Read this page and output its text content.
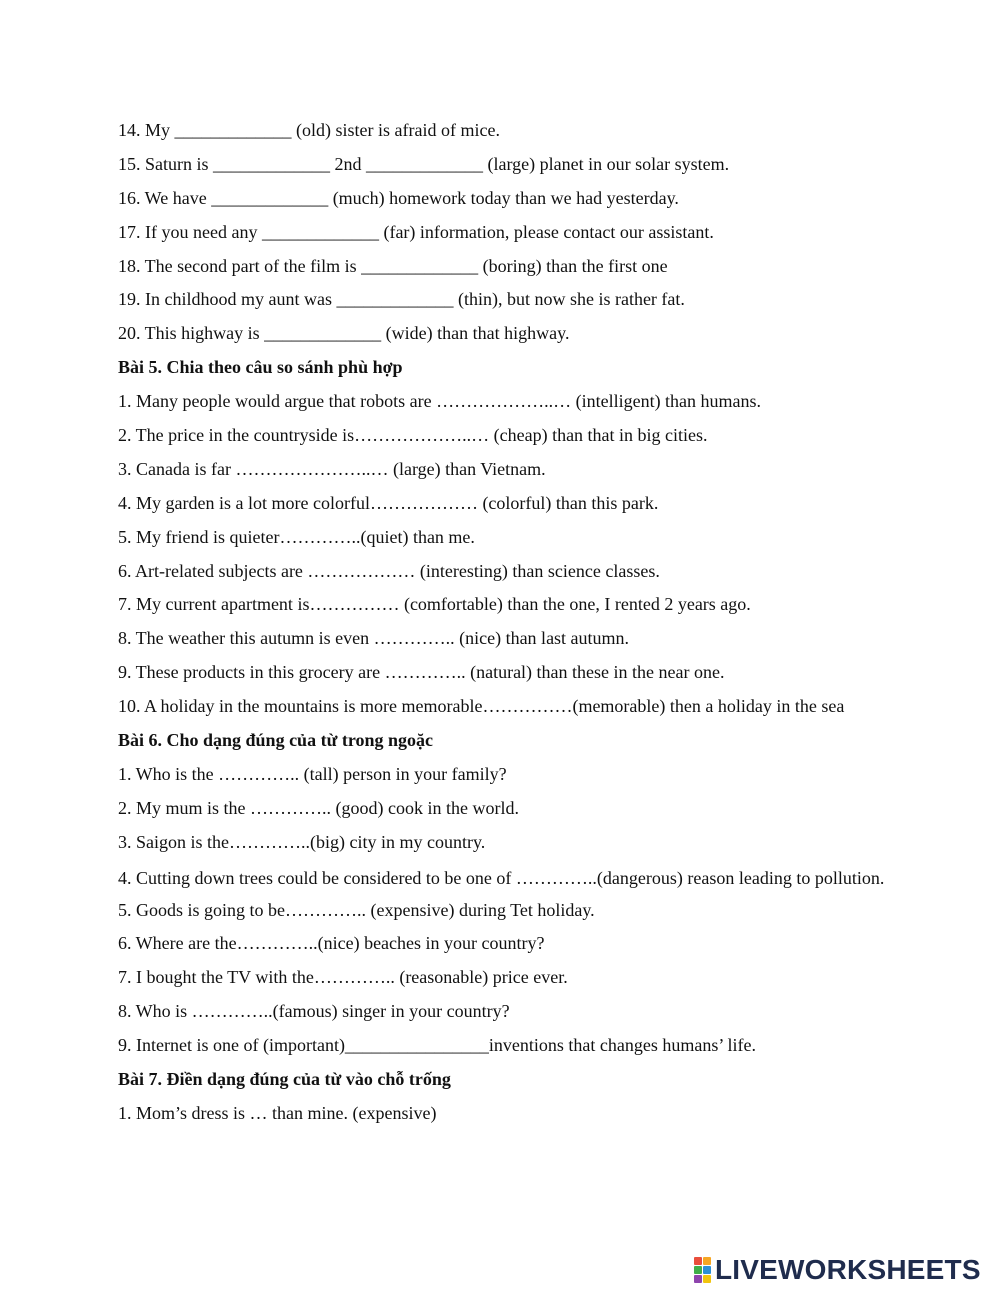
14. My _____________ (old) sister is afraid of mice.
15. Saturn is _____________ 2nd _____________ (large) planet in our solar system.
16. We have _____________ (much) homework today than we had yesterday.
17. If you need any _____________ (far) information, please contact our assistant.
18. The second part of the film is _____________ (boring) than the first one
19. In childhood my aunt was _____________ (thin), but now she is rather fat.
20. This highway is _____________ (wide) than that highway.
Bài 5. Chia theo câu so sánh phù hợp
1. Many people would argue that robots are ………………..… (intelligent) than humans.
2. The price in the countryside is………………..… (cheap) than that in big cities.
3. Canada is far …………………..… (large) than Vietnam.
4. My garden is a lot more colorful……………… (colorful) than this park.
5. My friend is quieter…………..(quiet) than me.
6. Art-related subjects are ……………… (interesting) than science classes.
7. My current apartment is…………… (comfortable) than the one, I rented 2 years ago.
8. The weather this autumn is even ………….. (nice) than last autumn.
9. These products in this grocery are ………….. (natural) than these in the near one.
10. A holiday in the mountains is more memorable……………(memorable) then a holiday in the sea
Bài 6. Cho dạng đúng của từ trong ngoặc
1. Who is the ………….. (tall) person in your family?
2. My mum is the ………….. (good) cook in the world.
3. Saigon is the…………..(big) city in my country.
4. Cutting down trees could be considered to be one of …………..(dangerous) reason leading to pollution.
5. Goods is going to be………….. (expensive) during Tet holiday.
6. Where are the…………..(nice) beaches in your country?
7. I bought the TV with the………….. (reasonable) price ever.
8. Who is …………..(famous) singer in your country?
9. Internet is one of (important)________________inventions that changes humans’ life.
Bài 7. Điền dạng đúng của từ vào chỗ trống
1. Mom’s dress is … than mine. (expensive)
LIVEWORKSHEETS
